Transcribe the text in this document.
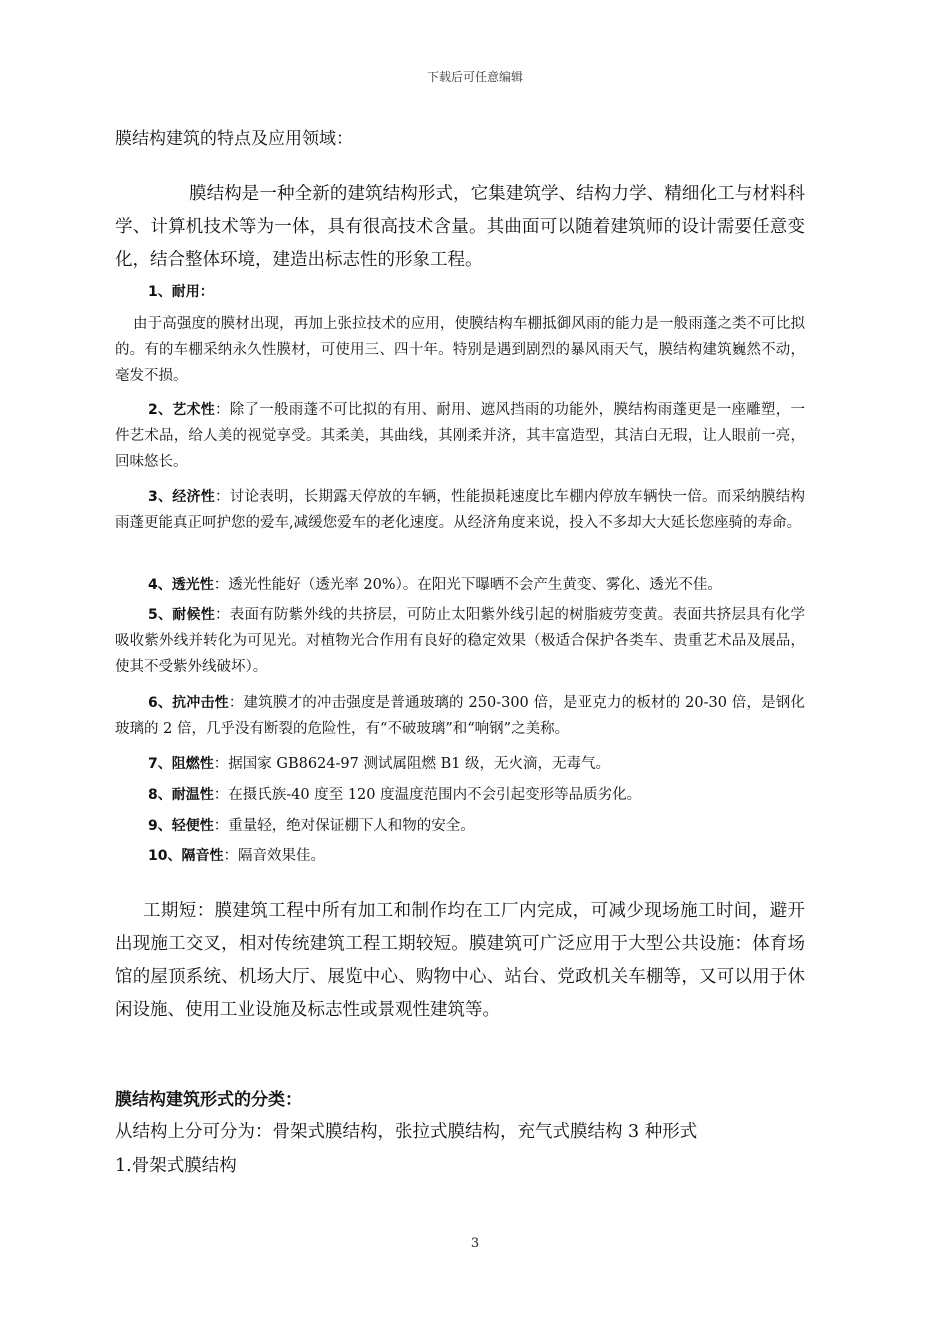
下载后可任意编辑
膜结构建筑的特点及应用领域：
膜结构是一种全新的建筑结构形式，它集建筑学、结构力学、精细化工与材料科学、计算机技术等为一体，具有很高技术含量。其曲面可以随着建筑师的设计需要任意变化，结合整体环境，建造出标志性的形象工程。
1、耐用：
由于高强度的膜材出现，再加上张拉技术的应用，使膜结构车棚抵御风雨的能力是一般雨蓬之类不可比拟的。有的车棚采纳永久性膜材，可使用三、四十年。特别是遇到剧烈的暴风雨天气，膜结构建筑巍然不动，毫发不损。
2、艺术性：除了一般雨蓬不可比拟的有用、耐用、遮风挡雨的功能外，膜结构雨蓬更是一座雕塑，一件艺术品，给人美的视觉享受。其柔美，其曲线，其刚柔并济，其丰富造型，其洁白无瑕，让人眼前一亮，回味悠长。
3、经济性：讨论表明，长期露天停放的车辆，性能损耗速度比车棚内停放车辆快一倍。而采纳膜结构雨蓬更能真正呵护您的爱车,减缓您爱车的老化速度。从经济角度来说，投入不多却大大延长您座骑的寿命。
4、透光性：透光性能好（透光率 20%）。在阳光下曝晒不会产生黄变、雾化、透光不佳。
5、耐候性：表面有防紫外线的共挤层，可防止太阳紫外线引起的树脂疲劳变黄。表面共挤层具有化学吸收紫外线并转化为可见光。对植物光合作用有良好的稳定效果（极适合保护各类车、贵重艺术品及展品，使其不受紫外线破坏）。
6、抗冲击性：建筑膜才的冲击强度是普通玻璃的 250-300 倍，是亚克力的板材的 20-30 倍，是钢化玻璃的 2 倍，几乎没有断裂的危险性，有“不破玻璃”和“响钢”之美称。
7、阻燃性：据国家 GB8624-97 测试属阻燃 B1 级，无火滴，无毒气。
8、耐温性：在摄氏族-40 度至 120 度温度范围内不会引起变形等品质劣化。
9、轻便性：重量轻，绝对保证棚下人和物的安全。
10、隔音性：隔音效果佳。
工期短：膜建筑工程中所有加工和制作均在工厂内完成，可减少现场施工时间，避开出现施工交叉，相对传统建筑工程工期较短。膜建筑可广泛应用于大型公共设施：体育场馆的屋顶系统、机场大厅、展览中心、购物中心、站台、党政机关车棚等，又可以用于休闲设施、使用工业设施及标志性或景观性建筑等。
膜结构建筑形式的分类：
从结构上分可分为：骨架式膜结构，张拉式膜结构，充气式膜结构 3 种形式
1.骨架式膜结构
3
